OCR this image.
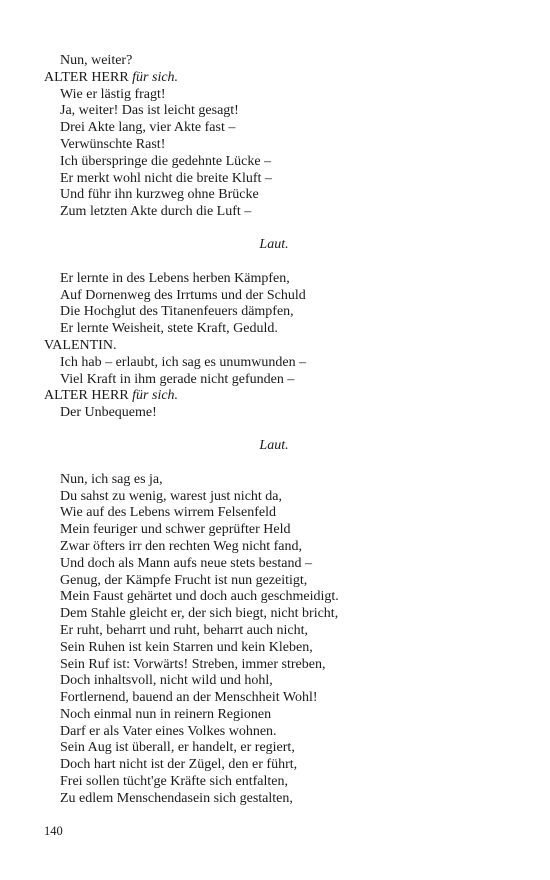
Nun, weiter?
ALTER HERR für sich.
Wie er lästig fragt!
Ja, weiter! Das ist leicht gesagt!
Drei Akte lang, vier Akte fast –
Verwünschte Rast!
Ich überspringe die gedehnte Lücke –
Er merkt wohl nicht die breite Kluft –
Und führ ihn kurzweg ohne Brücke
Zum letzten Akte durch die Luft –
Laut.
Er lernte in des Lebens herben Kämpfen,
Auf Dornenweg des Irrtums und der Schuld
Die Hochglut des Titanenfeuers dämpfen,
Er lernte Weisheit, stete Kraft, Geduld.
VALENTIN.
Ich hab – erlaubt, ich sag es unumwunden –
Viel Kraft in ihm gerade nicht gefunden –
ALTER HERR für sich.
Der Unbequeme!
Laut.
Nun, ich sag es ja,
Du sahst zu wenig, warest just nicht da,
Wie auf des Lebens wirrem Felsenfeld
Mein feuriger und schwer geprüfter Held
Zwar öfters irr den rechten Weg nicht fand,
Und doch als Mann aufs neue stets bestand –
Genug, der Kämpfe Frucht ist nun gezeitigt,
Mein Faust gehärtet und doch auch geschmeidigt.
Dem Stahle gleicht er, der sich biegt, nicht bricht,
Er ruht, beharrt und ruht, beharrt auch nicht,
Sein Ruhen ist kein Starren und kein Kleben,
Sein Ruf ist: Vorwärts! Streben, immer streben,
Doch inhaltsvoll, nicht wild und hohl,
Fortlernend, bauend an der Menschheit Wohl!
Noch einmal nun in reinern Regionen
Darf er als Vater eines Volkes wohnen.
Sein Aug ist überall, er handelt, er regiert,
Doch hart nicht ist der Zügel, den er führt,
Frei sollen tücht'ge Kräfte sich entfalten,
Zu edlem Menschendasein sich gestalten,
140
